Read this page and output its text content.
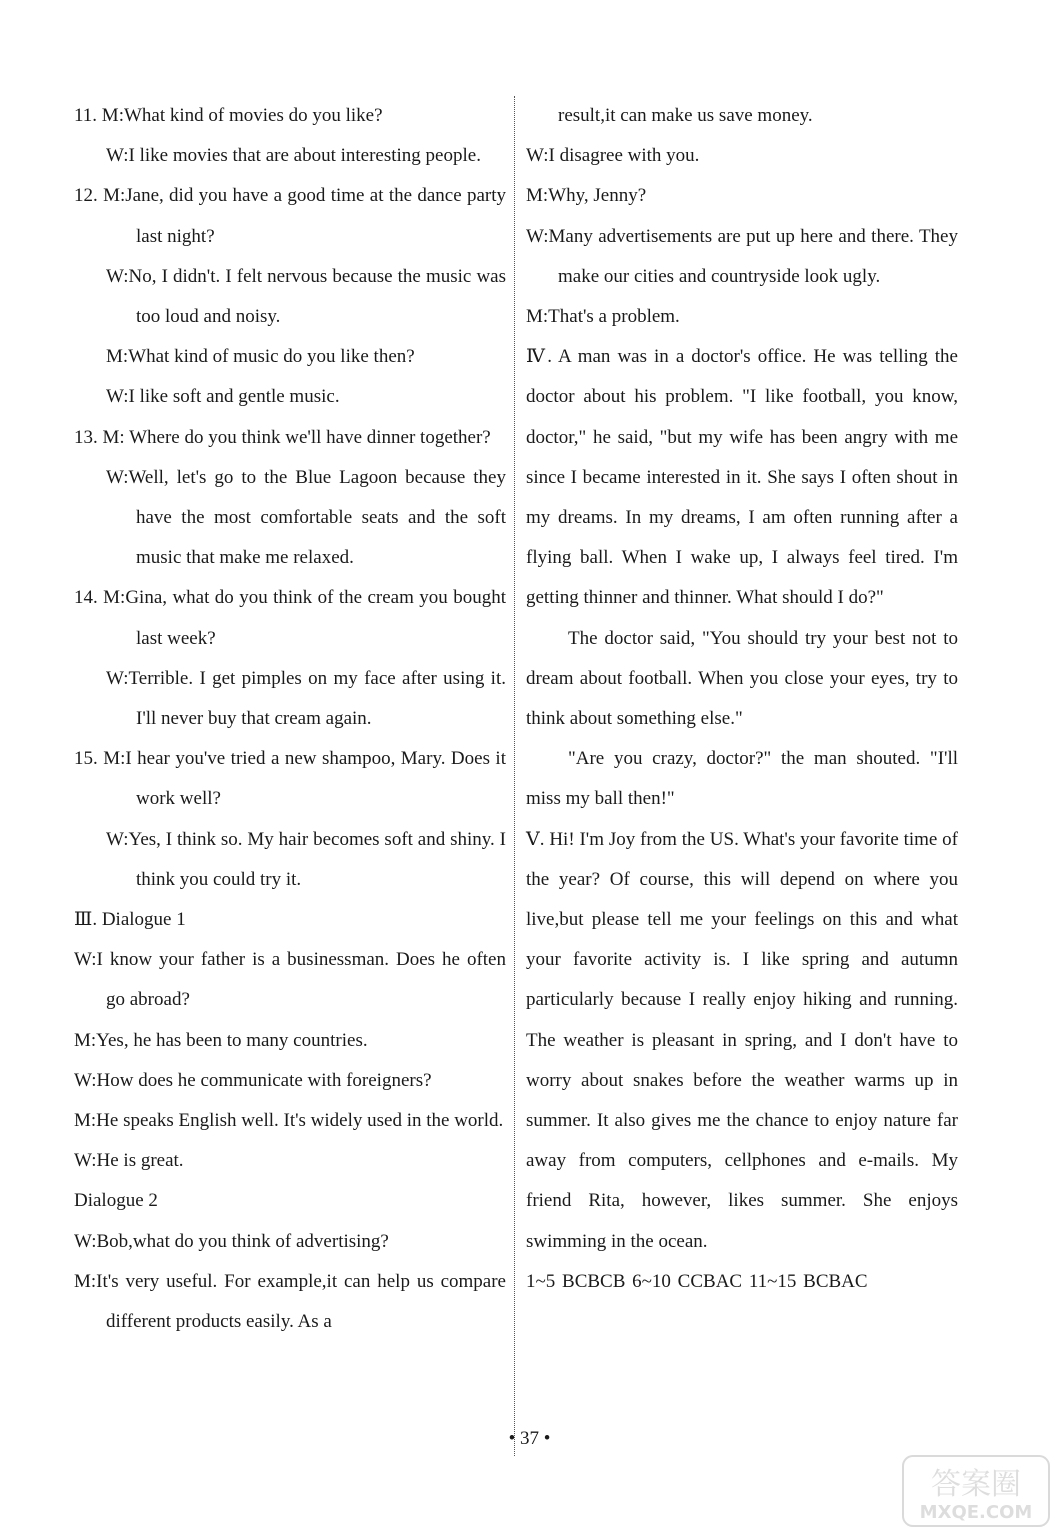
11. M:What kind of movies do you like?

W:I like movies that are about interesting people.

12. M:Jane, did you have a good time at the dance party last night?

W:No, I didn't. I felt nervous because the music was too loud and noisy.

M:What kind of music do you like then?

W:I like soft and gentle music.

13. M: Where do you think we'll have dinner together?

W:Well, let's go to the Blue Lagoon because they have the most comfortable seats and the soft music that make me relaxed.

14. M:Gina, what do you think of the cream you bought last week?

W:Terrible. I get pimples on my face after using it. I'll never buy that cream again.

15. M:I hear you've tried a new shampoo, Mary. Does it work well?

W:Yes, I think so. My hair becomes soft and shiny. I think you could try it.

Ⅲ. Dialogue 1

W:I know your father is a businessman. Does he often go abroad?

M:Yes, he has been to many countries.

W:How does he communicate with foreigners?

M:He speaks English well. It's widely used in the world.

W:He is great.

Dialogue 2

W:Bob,what do you think of advertising?

M:It's very useful. For example,it can help us compare different products easily. As a

result,it can make us save money.

W:I disagree with you.

M:Why, Jenny?

W:Many advertisements are put up here and there. They make our cities and countryside look ugly.

M:That's a problem.

Ⅳ. A man was in a doctor's office. He was telling the doctor about his problem. "I like football, you know, doctor," he said, "but my wife has been angry with me since I became interested in it. She says I often shout in my dreams. In my dreams, I am often running after a flying ball. When I wake up, I always feel tired. I'm getting thinner and thinner. What should I do?"

The doctor said, "You should try your best not to dream about football. When you close your eyes, try to think about something else."

"Are you crazy, doctor?" the man shouted. "I'll miss my ball then!"

Ⅴ. Hi! I'm Joy from the US. What's your favorite time of the year? Of course, this will depend on where you live,but please tell me your feelings on this and what your favorite activity is. I like spring and autumn particularly because I really enjoy hiking and running. The weather is pleasant in spring, and I don't have to worry about snakes before the weather warms up in summer. It also gives me the chance to enjoy nature far away from computers, cellphones and e-mails. My friend Rita, however, likes summer. She enjoys swimming in the ocean.

1~5 BCBCB 6~10 CCBAC 11~15 BCBAC

• 37 •
答案圈
MXQE.COM
